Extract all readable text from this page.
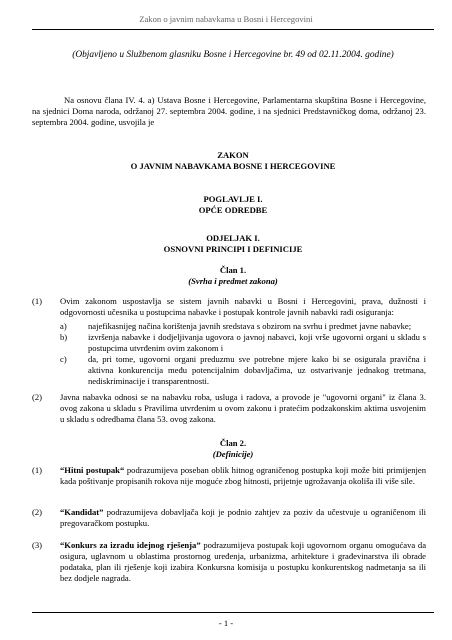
Zakon o javnim nabavkama u Bosni i Hercegovini
(Objavljeno u Službenom glasniku Bosne i Hercegovine br. 49 od 02.11.2004. godine)
Na osnovu člana IV. 4. a) Ustava Bosne i Hercegovine, Parlamentarna skupština Bosne i Hercegovine, na sjednici Doma naroda, održanoj 27. septembra 2004. godine, i na sjednici Predstavničkog doma, održanoj 23. septembra 2004. godine, usvojila je
ZAKON
O JAVNIM NABAVKAMA BOSNE I HERCEGOVINE
POGLAVLJE I.
OPĆE ODREDBE
ODJELJAK I.
OSNOVNI PRINCIPI I DEFINICIJE
Član 1.
(Svrha i predmet zakona)
(1) Ovim zakonom uspostavlja se sistem javnih nabavki u Bosni i Hercegovini, prava, dužnosti i odgovornosti učesnika u postupcima nabavke i postupak kontrole javnih nabavki radi osiguranja:
a) najefikasnijeg načina korištenja javnih sredstava s obzirom na svrhu i predmet javne nabavke;
b) izvršenja nabavke i dodjeljivanja ugovora o javnoj nabavci, koji vrše ugovorni organi u skladu s postupcima utvrđenim ovim zakonom i
c) da, pri tome, ugovorni organi preduzmu sve potrebne mjere kako bi se osigurala pravična i aktivna konkurencija među potencijalnim dobavljačima, uz ostvarivanje jednakog tretmana, nediskriminacije i transparentnosti.
(2) Javna nabavka odnosi se na nabavku roba, usluga i radova, a provode je "ugovorni organi" iz člana 3. ovog zakona u skladu s Pravilima utvrđenim u ovom zakonu i pratećim podzakonskim aktima usvojenim u skladu s odredbama člana 53. ovog zakona.
Član 2.
(Definicije)
(1) “Hitni postupak“ podrazumijeva poseban oblik hitnog ograničenog postupka koji može biti primijenjen kada poštivanje propisanih rokova nije moguće zbog hitnosti, prijetnje ugrožavanja okoliša ili više sile.
(2) “Kandidat” podrazumijeva dobavljača koji je podnio zahtjev za poziv da učestvuje u ograničenom ili pregovaračkom postupku.
(3) “Konkurs za izradu idejnog rješenja” podrazumijeva postupak koji ugovornom organu omogućava da osigura, uglavnom u oblastima prostornog uređenja, urbanizma, arhitekture i građevinarstva ili obrade podataka, plan ili rješenje koji izabira Konkursna komisija u postupku konkurentskog nadmetanja sa ili bez dodjele nagrada.
- 1 -
